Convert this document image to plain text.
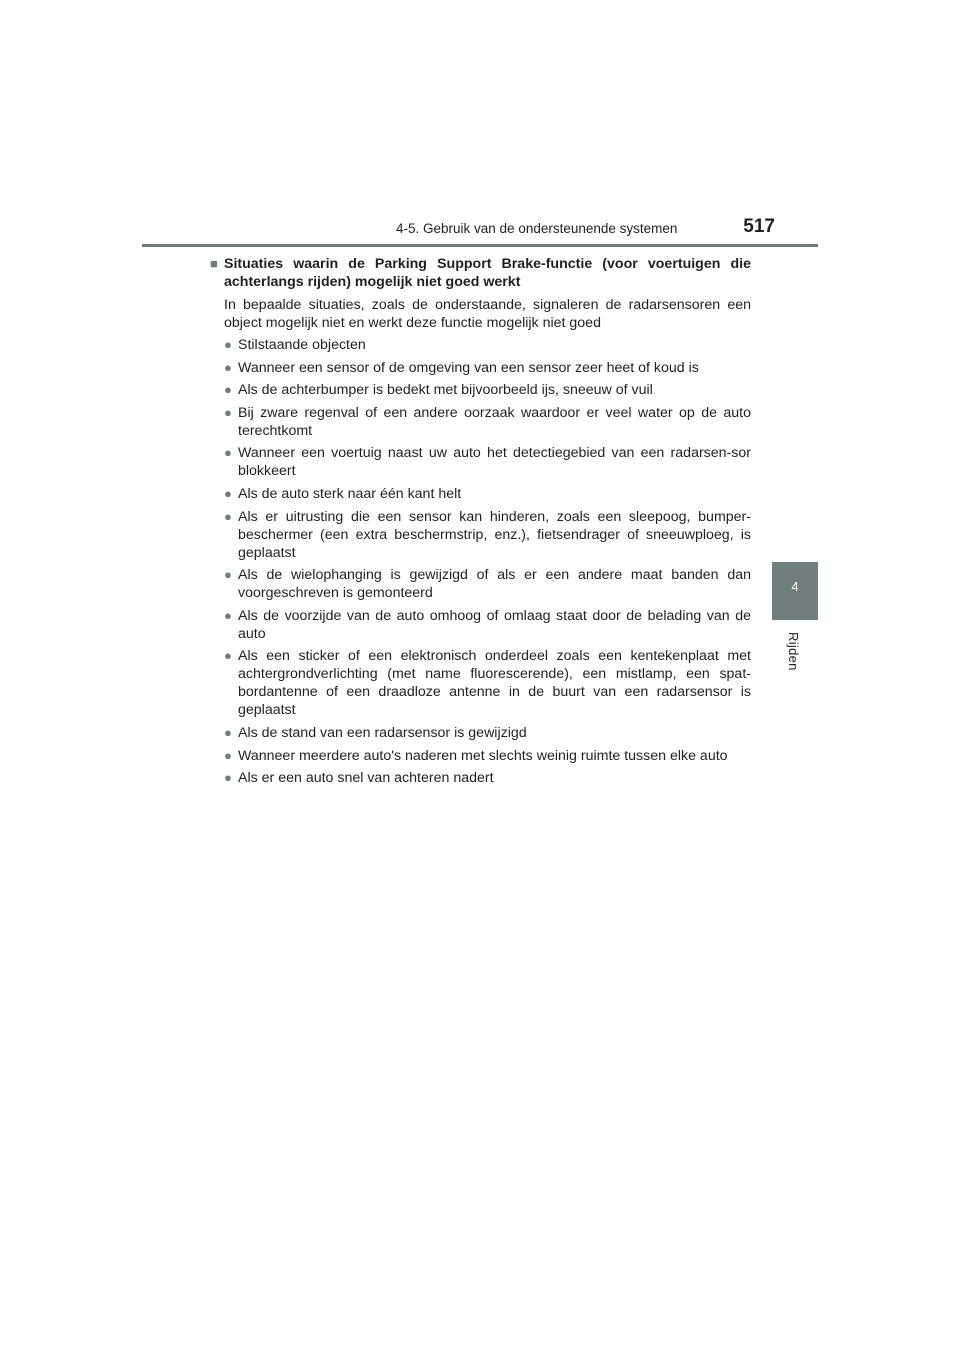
4-5. Gebruik van de ondersteunende systemen	517
4
Rijden
■ Situaties waarin de Parking Support Brake-functie (voor voertuigen die achterlangs rijden) mogelijk niet goed werkt
In bepaalde situaties, zoals de onderstaande, signaleren de radarsensoren een object mogelijk niet en werkt deze functie mogelijk niet goed
● Stilstaande objecten
● Wanneer een sensor of de omgeving van een sensor zeer heet of koud is
● Als de achterbumper is bedekt met bijvoorbeeld ijs, sneeuw of vuil
● Bij zware regenval of een andere oorzaak waardoor er veel water op de auto terechtkomt
● Wanneer een voertuig naast uw auto het detectiegebied van een radarsen-sor blokkeert
● Als de auto sterk naar één kant helt
● Als er uitrusting die een sensor kan hinderen, zoals een sleepoog, bumper-beschermer (een extra beschermstrip, enz.), fietsendrager of sneeuwploeg, is geplaatst
● Als de wielophanging is gewijzigd of als er een andere maat banden dan voorgeschreven is gemonteerd
● Als de voorzijde van de auto omhoog of omlaag staat door de belading van de auto
● Als een sticker of een elektronisch onderdeel zoals een kentekenplaat met achtergrondverlichting (met name fluorescerende), een mistlamp, een spat-bordantenne of een draadloze antenne in de buurt van een radarsensor is geplaatst
● Als de stand van een radarsensor is gewijzigd
● Wanneer meerdere auto's naderen met slechts weinig ruimte tussen elke auto
● Als er een auto snel van achteren nadert
